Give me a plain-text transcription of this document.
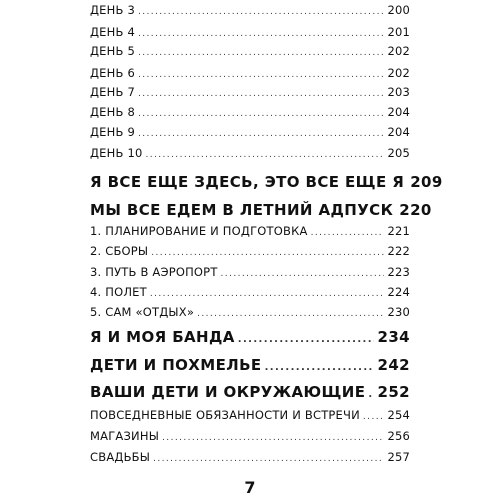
ДЕНЬ 3 .....	200
ДЕНЬ 4 .....	201
ДЕНЬ 5 .....	202
ДЕНЬ 6 .....	202
ДЕНЬ 7 .....	203
ДЕНЬ 8 .....	204
ДЕНЬ 9 .....	204
ДЕНЬ 10 .....	205
Я ВСЕ ЕЩЕ ЗДЕСЬ, ЭТО ВСЕ ЕЩЕ Я 209
МЫ ВСЕ ЕДЕМ В ЛЕТНИЙ АДПУСК 220
1. ПЛАНИРОВАНИЕ И ПОДГОТОВКА .....	221
2. СБОРЫ .....	222
3. ПУТЬ В АЭРОПОРТ .....	223
4. ПОЛЕТ .....	224
5. САМ «ОТДЫХ» .....	230
Я И МОЯ БАНДА .....	234
ДЕТИ И ПОХМЕЛЬЕ .....	242
ВАШИ ДЕТИ И ОКРУЖАЮЩИЕ ..... 252
ПОВСЕДНЕВНЫЕ ОБЯЗАННОСТИ И ВСТРЕЧИ ..... 254
МАГАЗИНЫ .....	256
СВАДЬБЫ .....	257
7
